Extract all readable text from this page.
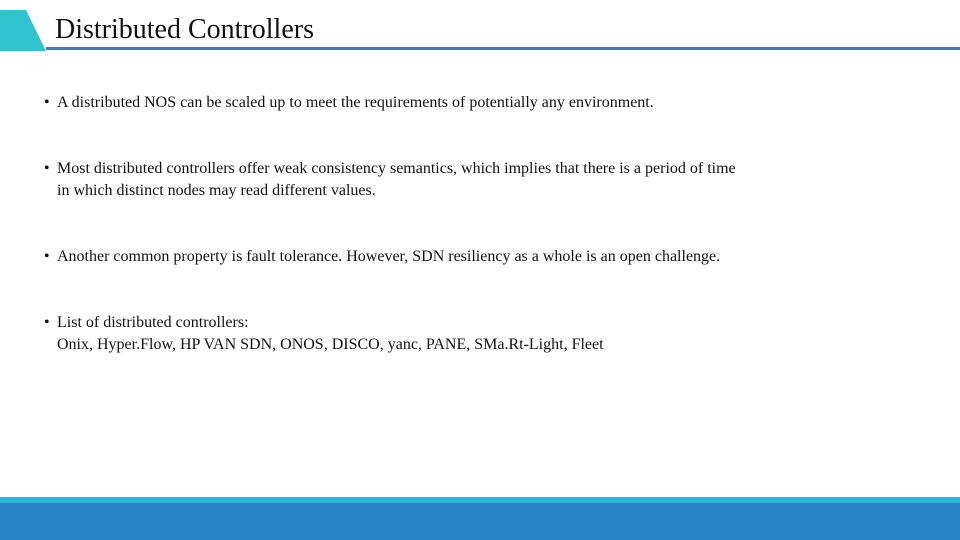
Distributed Controllers
• A distributed NOS can be scaled up to meet the requirements of potentially any environment.
• Most distributed controllers offer weak consistency semantics, which implies that there is a period of time
in which distinct nodes may read different values.
• Another common property is fault tolerance. However, SDN resiliency as a whole is an open challenge.
• List of distributed controllers:
Onix, Hyper.Flow, HP VAN SDN, ONOS, DISCO, yanc, PANE, SMa.Rt-Light, Fleet
